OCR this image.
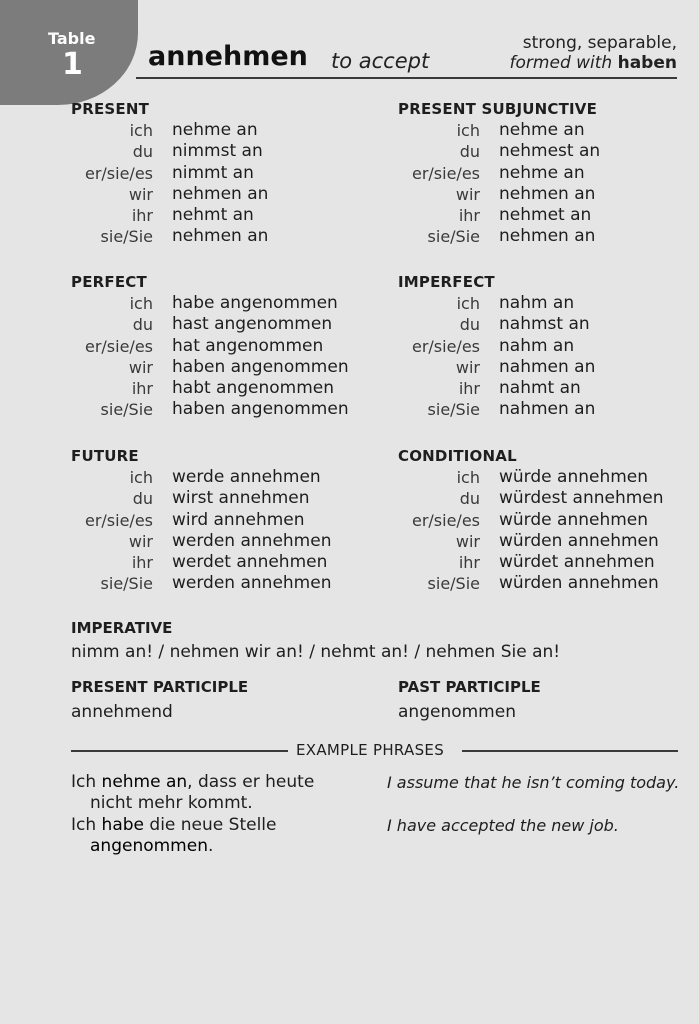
Table
1 annehmen to accept
strong, separable,
formed with haben
PRESENT
ich nehme an
du nimmst an
er/sie/es nimmt an
wir nehmen an
ihr nehmt an
sie/Sie nehmen an
PRESENT SUBJUNCTIVE
ich nehme an
du nehmest an
er/sie/es nehme an
wir nehmen an
ihr nehmet an
sie/Sie nehmen an
PERFECT
ich habe angenommen
du hast angenommen
er/sie/es hat angenommen
wir haben angenommen
ihr habt angenommen
sie/Sie haben angenommen
IMPERFECT
ich nahm an
du nahmst an
er/sie/es nahm an
wir nahmen an
ihr nahmt an
sie/Sie nahmen an
FUTURE
ich werde annehmen
du wirst annehmen
er/sie/es wird annehmen
wir werden annehmen
ihr werdet annehmen
sie/Sie werden annehmen
CONDITIONAL
ich würde annehmen
du würdest annehmen
er/sie/es würde annehmen
wir würden annehmen
ihr würdet annehmen
sie/Sie würden annehmen
IMPERATIVE
nimm an! / nehmen wir an! / nehmt an! / nehmen Sie an!
PRESENT PARTICIPLE
annehmend
PAST PARTICIPLE
angenommen
EXAMPLE PHRASES
Ich nehme an, dass er heute
nicht mehr kommt.
I assume that he isn’t coming today.
Ich habe die neue Stelle
angenommen.
I have accepted the new job.
